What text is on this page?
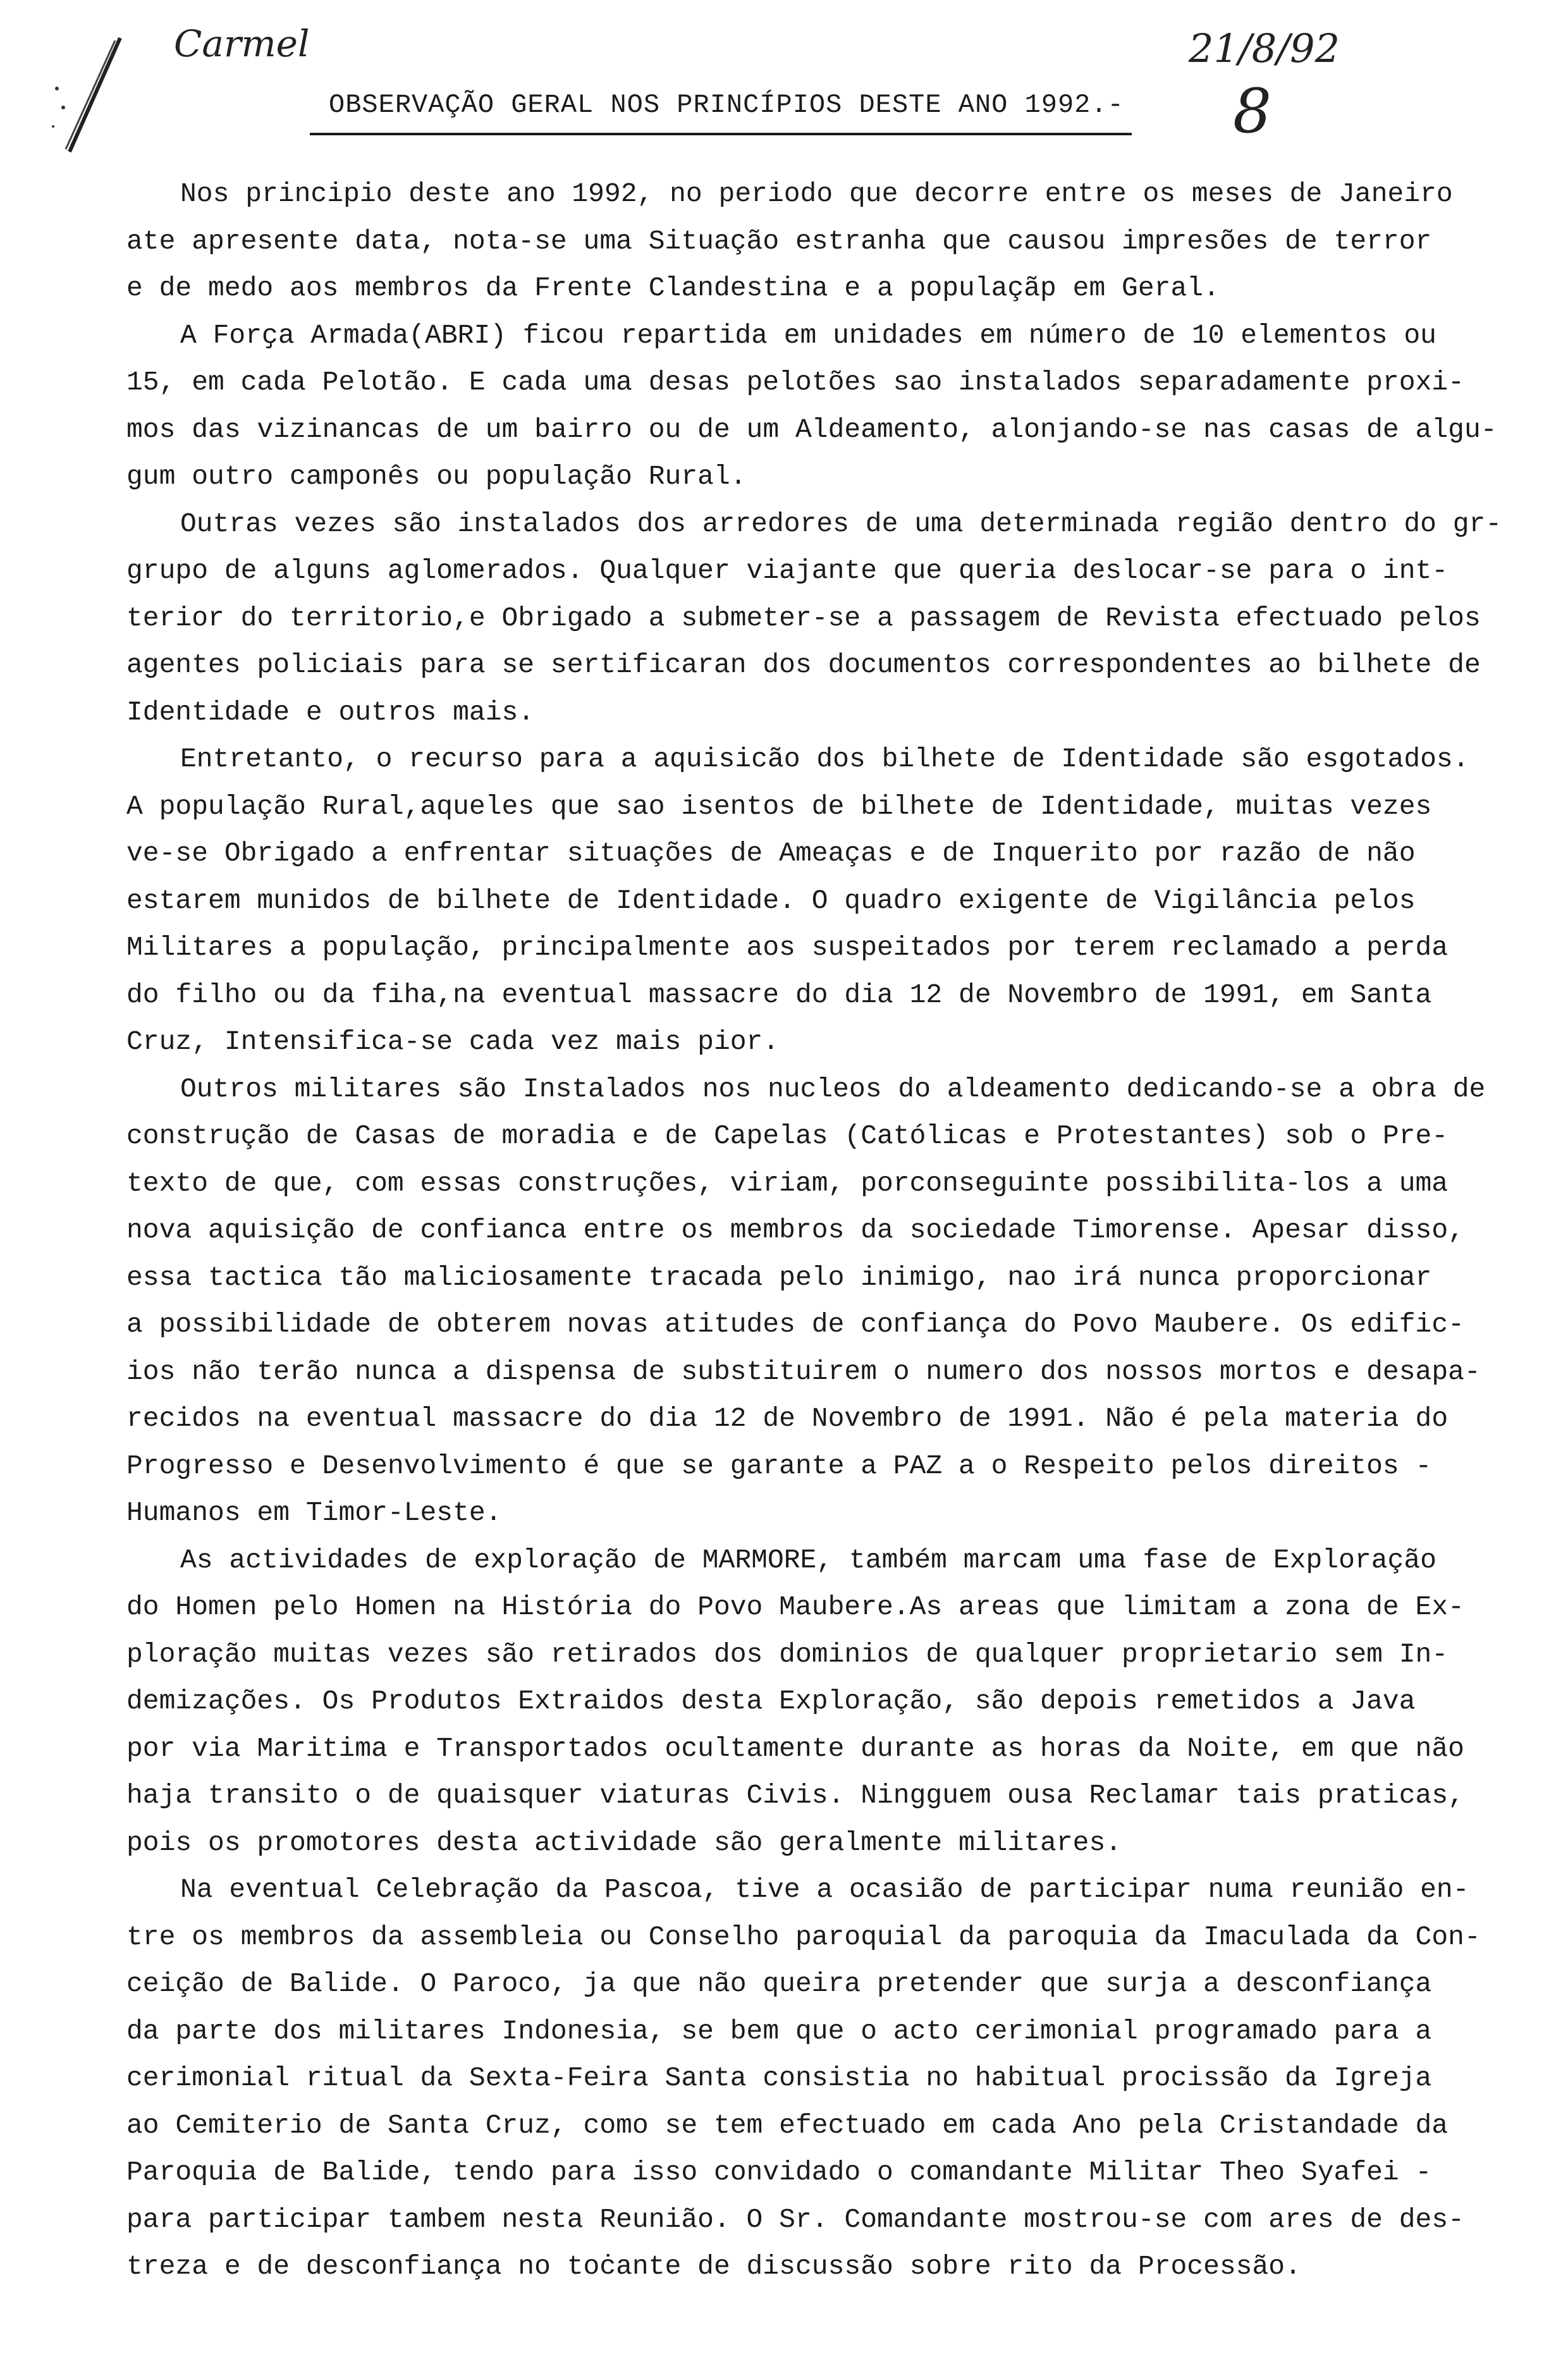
Carmel	21/8/92
8
OBSERVAÇÃO GERAL NOS PRINCÍPIOS DESTE ANO 1992.-

Nos principio deste ano 1992, no periodo que decorre entre os meses de Janeiro
ate apresente data, nota-se uma Situação estranha que causou impresões de terror
e de medo aos membros da Frente Clandestina e a populaçãp em Geral.

A Forҫa Armada(ABRI) ficou repartida em unidades em número de 10 elementos ou
15, em cada Pelotão. E cada uma desas pelotões sao instalados separadamente proxi-
mos das vizinancas de um bairro ou de um Aldeamento, alonjando-se nas casas de algu-
gum outro camponês ou população Rural.

Outras vezes são instalados dos arredores de uma determinada região dentro do gr-
grupo de alguns aglomerados. Qualquer viajante que queria deslocar-se para o int-
terior do territorio,e Obrigado a submeter-se a passagem de Revista efectuado pelos
agentes policiais para se sertificaran dos documentos correspondentes ao bilhete de
Identidade e outros mais.

Entretanto, o recurso para a aquisicão dos bilhete de Identidade são esgotados.
A população Rural,aqueles que sao isentos de bilhete de Identidade, muitas vezes
ve-se Obrigado a enfrentar situações de Ameaças e de Inquerito por razão de não
estarem munidos de bilhete de Identidade. O quadro exigente de Vigilância pelos
Militares a população, principalmente aos suspeitados por terem reclamado a perda
do filho ou da fiha,na eventual massacre do dia 12 de Novembro de 1991, em Santa
Cruz, Intensifica-se cada vez mais pior.

Outros militares são Instalados nos nucleos do aldeamento dedicando-se a obra de
construção de Casas de moradia e de Capelas (Católicas e Protestantes) sob o Pre-
texto de que, com essas construções, viriam, porconseguinte possibilita-los a uma
nova aquisição de confianca entre os membros da sociedade Timorense. Apesar disso,
essa tactica tão maliciosamente tracada pelo inimigo, nao irá nunca proporcionar
a possibilidade de obterem novas atitudes de confiança do Povo Maubere. Os edific-
ios não terão nunca a dispensa de substituirem o numero dos nossos mortos e desapa-
recidos na eventual massacre do dia 12 de Novembro de 1991. Não é pela materia do
Progresso e Desenvolvimento é que se garante a PAZ a o Respeito pelos direitos -
Humanos em Timor-Leste.

As actividades de exploração de MARMORE, também marcam uma fase de Exploração
do Homen pelo Homen na História do Povo Maubere.As areas que limitam a zona de Ex-
ploração muitas vezes são retirados dos dominios de qualquer proprietario sem In-
demizações. Os Produtos Extraidos desta Exploração, são depois remetidos a Java
por via Maritima e Transportados ocultamente durante as horas da Noite, em que não
haja transito o de quaisquer viaturas Civis. Ningguem ousa Reclamar tais praticas,
pois os promotores desta actividade são geralmente militares.

Na eventual Celebração da Pascoa, tive a ocasião de participar numa reunião en-
tre os membros da assembleia ou Conselho paroquial da paroquia da Imaculada da Con-
ceição de Balide. O Paroco, ja que não queira pretender que surja a desconfiança
da parte dos militares Indonesia, se bem que o acto cerimonial programado para a
cerimonial ritual da Sexta-Feira Santa consistia no habitual procissão da Igreja
ao Cemiterio de Santa Cruz, como se tem efectuado em cada Ano pela Cristandade da
Paroquia de Balide, tendo para isso convidado o comandante Militar Theo Syafei -
para participar tambem nesta Reunião. O Sr. Comandante mostrou-se com ares de des-
treza e de desconfiança no toċante de discussão sobre rito da Processão.
